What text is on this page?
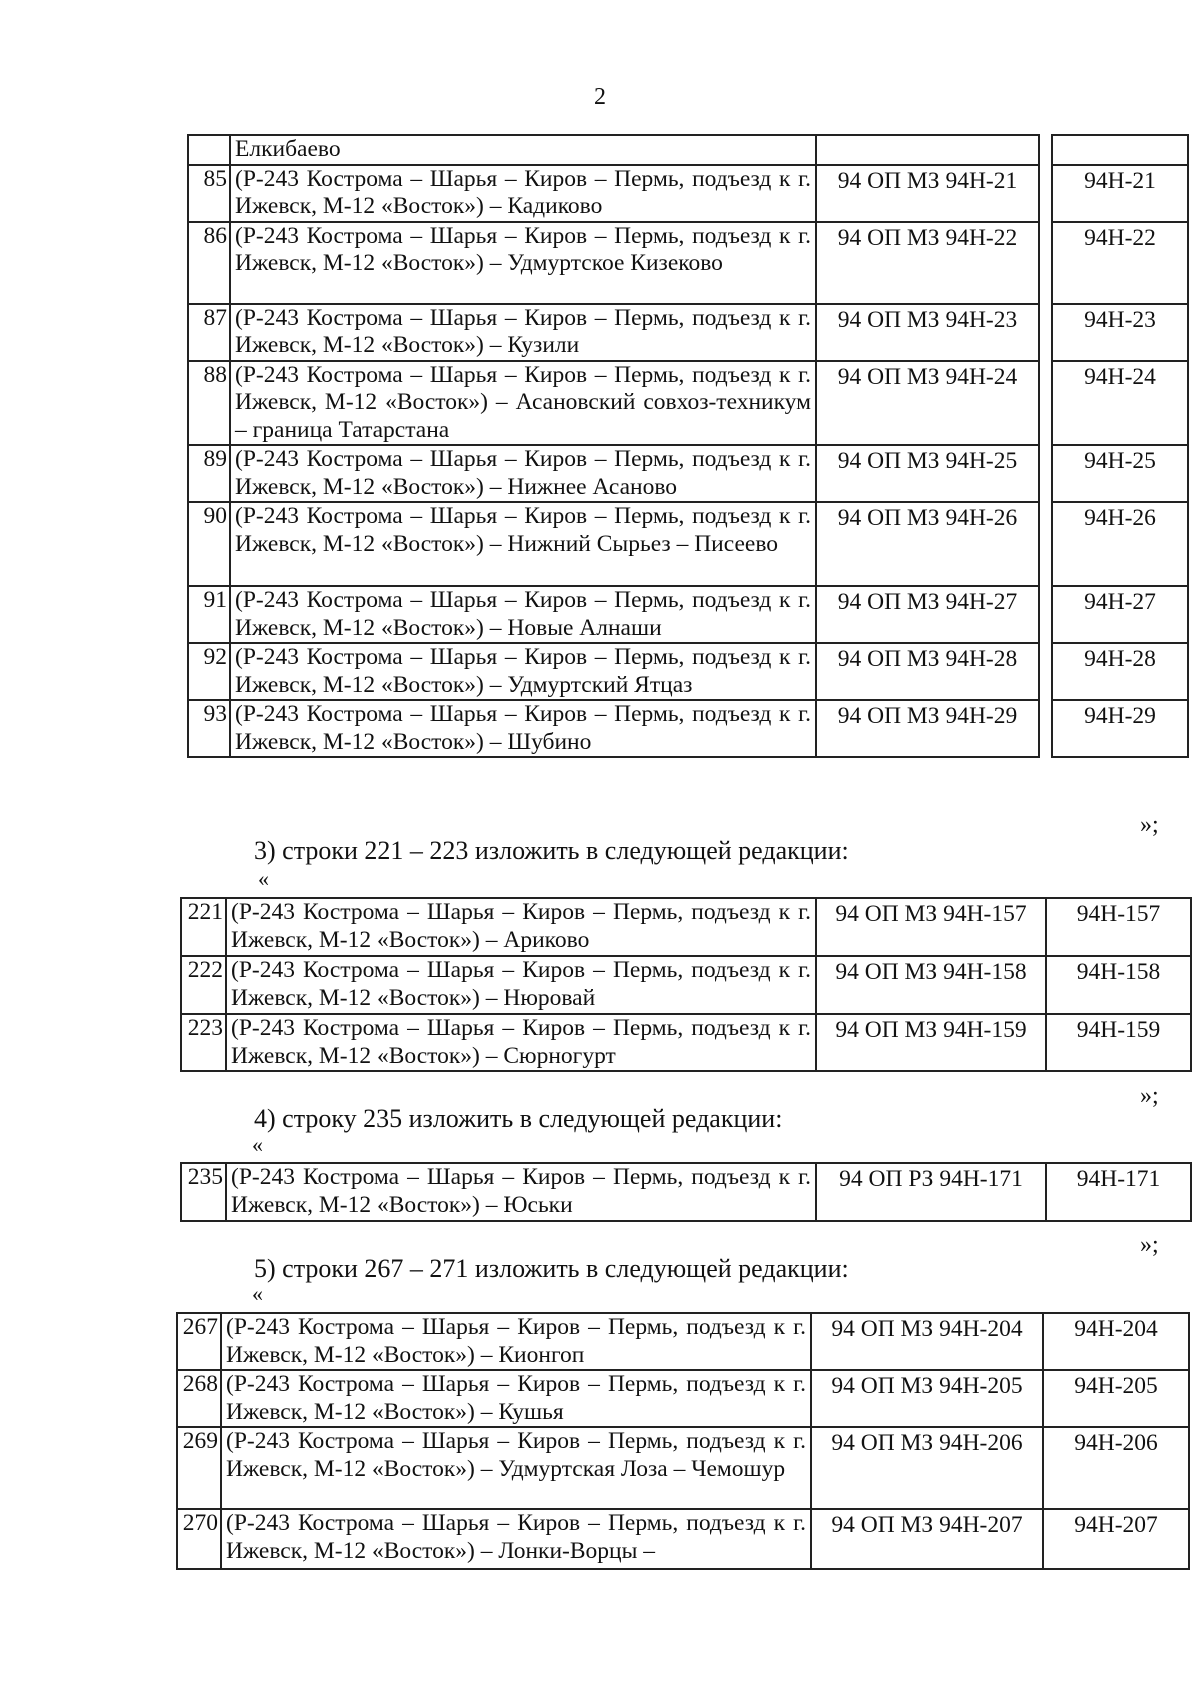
2
	Елкибаево			
85	(Р-243 Кострома – Шарья – Киров – Пермь, подъезд к г. Ижевск, М-12 «Восток») – Кадиково	94 ОП МЗ 94Н-21		94Н-21
86	(Р-243 Кострома – Шарья – Киров – Пермь, подъезд к г. Ижевск, М-12 «Восток») – Удмуртское Кизеково	94 ОП МЗ 94Н-22		94Н-22
87	(Р-243 Кострома – Шарья – Киров – Пермь, подъезд к г. Ижевск, М-12 «Восток») – Кузили	94 ОП МЗ 94Н-23		94Н-23
88	(Р-243 Кострома – Шарья – Киров – Пермь, подъезд к г. Ижевск, М-12 «Восток») – Асановский совхоз-техникум – граница Татарстана	94 ОП МЗ 94Н-24		94Н-24
89	(Р-243 Кострома – Шарья – Киров – Пермь, подъезд к г. Ижевск, М-12 «Восток») – Нижнее Асаново	94 ОП МЗ 94Н-25		94Н-25
90	(Р-243 Кострома – Шарья – Киров – Пермь, подъезд к г. Ижевск, М-12 «Восток») – Нижний Сырьез – Писеево	94 ОП МЗ 94Н-26		94Н-26
91	(Р-243 Кострома – Шарья – Киров – Пермь, подъезд к г. Ижевск, М-12 «Восток») – Новые Алнаши	94 ОП МЗ 94Н-27		94Н-27
92	(Р-243 Кострома – Шарья – Киров – Пермь, подъезд к г. Ижевск, М-12 «Восток») – Удмуртский Ятцаз	94 ОП МЗ 94Н-28		94Н-28
93	(Р-243 Кострома – Шарья – Киров – Пермь, подъезд к г. Ижевск, М-12 «Восток») – Шубино	94 ОП МЗ 94Н-29		94Н-29
»;
3) строки 221 – 223 изложить в следующей редакции:
«
221	(Р-243 Кострома – Шарья – Киров – Пермь, подъезд к г. Ижевск, М-12 «Восток») – Ариково	94 ОП МЗ 94Н-157		94Н-157
222	(Р-243 Кострома – Шарья – Киров – Пермь, подъезд к г. Ижевск, М-12 «Восток») – Нюровай	94 ОП МЗ 94Н-158		94Н-158
223	(Р-243 Кострома – Шарья – Киров – Пермь, подъезд к г. Ижевск, М-12 «Восток») – Сюрногурт	94 ОП МЗ 94Н-159		94Н-159
»;
4) строку 235 изложить в следующей редакции:
«
235	(Р-243 Кострома – Шарья – Киров – Пермь, подъезд к г. Ижевск, М-12 «Восток») – Юськи	94 ОП РЗ 94Н-171		94Н-171
»;
5) строки 267 – 271 изложить в следующей редакции:
«
267	(Р-243 Кострома – Шарья – Киров – Пермь, подъезд к г. Ижевск, М-12 «Восток») – Кионгоп	94 ОП МЗ 94Н-204		94Н-204
268	(Р-243 Кострома – Шарья – Киров – Пермь, подъезд к г. Ижевск, М-12 «Восток») – Кушья	94 ОП МЗ 94Н-205		94Н-205
269	(Р-243 Кострома – Шарья – Киров – Пермь, подъезд к г. Ижевск, М-12 «Восток») – Удмуртская Лоза – Чемошур	94 ОП МЗ 94Н-206		94Н-206
270	(Р-243 Кострома – Шарья – Киров – Пермь, подъезд к г. Ижевск, М-12 «Восток») – Лонки-Ворцы –	94 ОП МЗ 94Н-207		94Н-207
